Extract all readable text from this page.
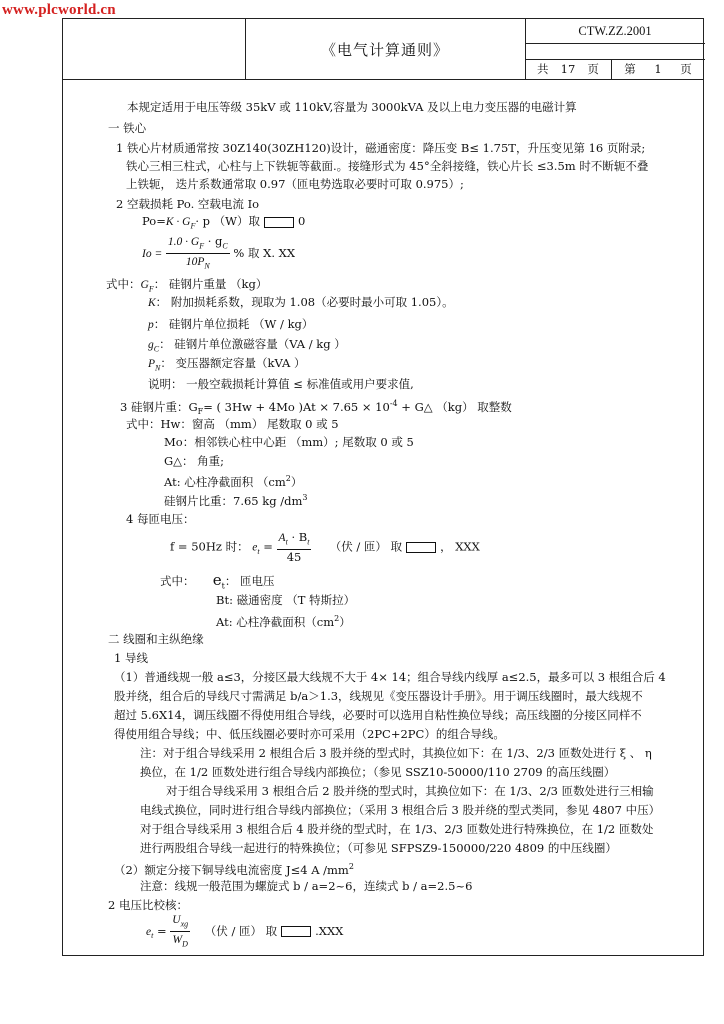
www.plcworld.cn
《电气计算通则》
CTW.ZZ.2001
共 17 页 第 1 页
本规定适用于电压等级 35kV 或 110kV,容量为 3000kVA 及以上电力变压器的电磁计算
一 铁心
1 铁心片材质通常按 30Z140(30ZH120)设计，磁通密度：降压变 B≤ 1.75T，升压变见第 16 页附录;
铁心三相三柱式，心柱与上下铁轭等截面.。接缝形式为 45°全斜接缝，铁心片长 ≤3.5m 时不断轭不叠
上铁轭， 迭片系数通常取 0.97（匝电势选取必要时可取 0.975）;
2 空载损耗 Po. 空载电流 Io
$Po=K \cdot G_F\cdot p$ （W）取	0
$Io = \frac{1.0 \cdot G_F \cdot g_C}{10P_N}$ % 取 X. XX
式中：$G_F$： 硅钢片重量 （kg）
K： 附加损耗系数，现取为 1.08（必要时最小可取 1.05）。
p： 硅钢片单位损耗 （W / kg）
$g_C$： 硅钢片单位激磁容量（VA / kg ）
$P_N$： 变压器额定容量（kVA ）
说明： 一般空载损耗计算值 ≤ 标准值或用户要求值,
3 硅钢片重：$G_F=$ ( 3Hw + 4Mo )$At \times 7.65 \times 10^{-4}$ + G△ （kg） 取整数
式中：Hw：窗高 （mm） 尾数取 0 或 5
Mo：相邻铁心柱中心距 （mm）; 尾数取 0 或 5
G△： 角重;
At: 心柱净截面积 $(cm^2)$
硅钢片比重：7.65 kg $/dm^3$
4 每匝电压：
f = 50Hz 时： $e_t = \frac{A_t \cdot B_t}{45}$ （伏 / 匝） 取	， XXX
式中： $e_t$： 匝电压
Bt: 磁通密度 （T 特斯拉）
At: 心柱净截面积$(cm^2)$
二 线圈和主纵绝缘
1 导线
（1）普通线规一般 a≤3，分接区最大线规不大于 4× 14；组合导线内线厚 a≤2.5，最多可以 3 根组合后 4
股并绕，组合后的导线尺寸需满足 b/a＞1.3，线规见《变压器设计手册》。用于调压线圈时，最大线规不
超过 5.6X14，调压线圈不得使用组合导线，必要时可以选用自粘性换位导线；高压线圈的分接区同样不
得使用组合导线；中、低压线圈必要时亦可采用（2PC+2PC）的组合导线。
注：对于组合导线采用 2 根组合后 3 股并绕的型式时，其换位如下：在 1/3、2/3 匝数处进行 ξ 、 η
换位，在 1/2 匝数处进行组合导线内部换位；（参见 SSZ10-50000/110 2709 的高压线圈）
对于组合导线采用 3 根组合后 2 股并绕的型式时，其换位如下：在 1/3、2/3 匝数处进行三相输
电线式换位，同时进行组合导线内部换位；（采用 3 根组合后 3 股并绕的型式类同，参见 4807 中压）
对于组合导线采用 3 根组合后 4 股并绕的型式时，在 1/3、2/3 匝数处进行特殊换位，在 1/2 匝数处
进行两股组合导线一起进行的特殊换位；（可参见 SFPSZ9-150000/220 4809 的中压线圈）
（2）额定分接下铜导线电流密度 J≤4 A $/mm^2$
注意：线规一般范围为螺旋式 b / a=2~6，连续式 b / a=2.5~6
2 电压比校核：
$e_t = \frac{U_{xg}}{W_D}$ （伏 / 匝） 取	.XXX
